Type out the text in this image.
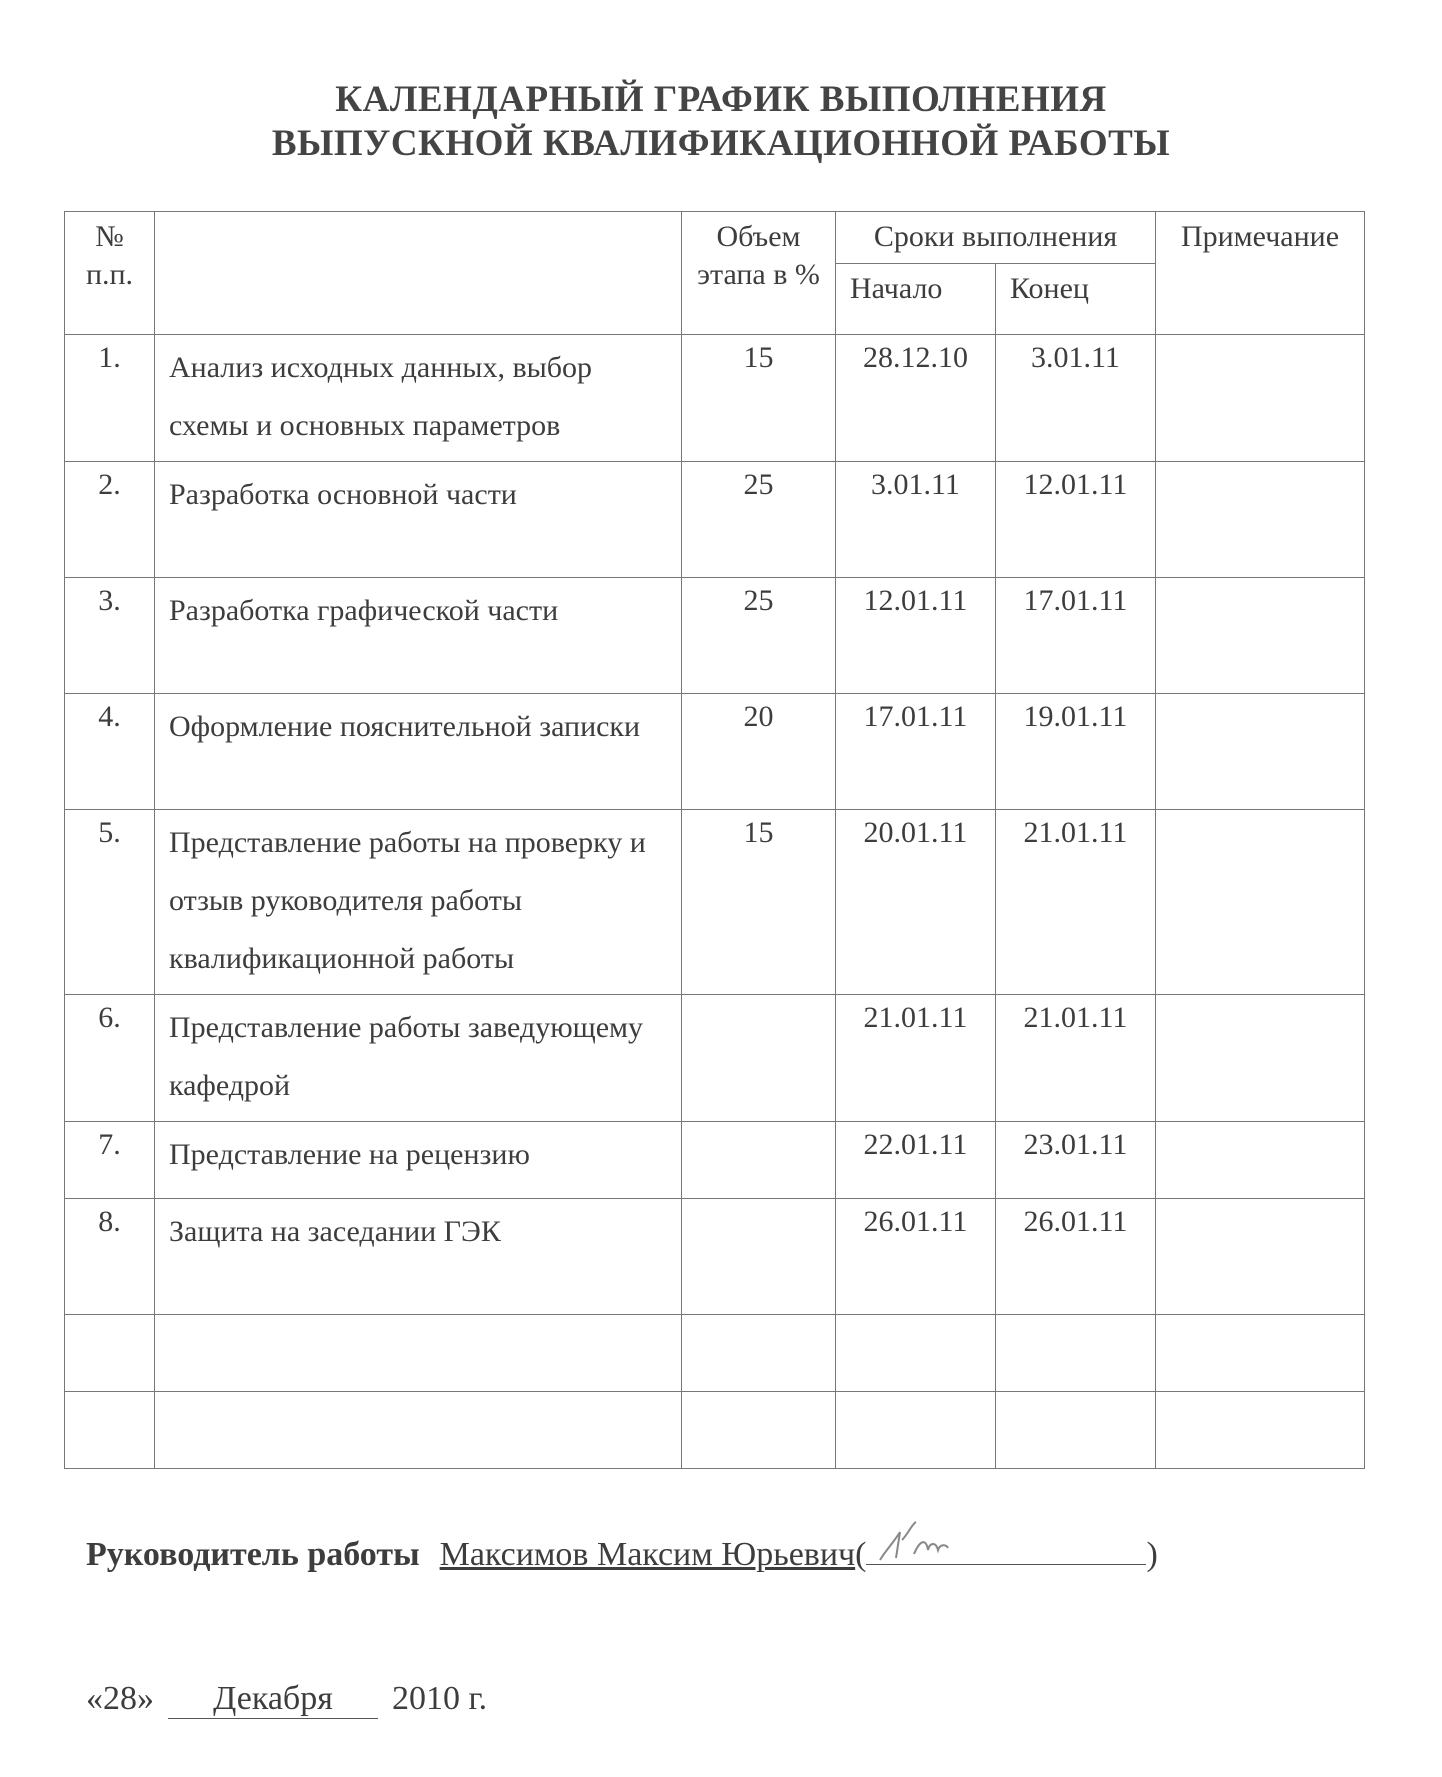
КАЛЕНДАРНЫЙ ГРАФИК ВЫПОЛНЕНИЯ
ВЫПУСКНОЙ КВАЛИФИКАЦИОННОЙ РАБОТЫ
№ п.п.		Объем этапа в %	Сроки выполнения		Примечание
			Начало	Конец	
1.	Анализ исходных данных, выбор схемы и основных параметров	15	28.12.10	3.01.11	
2.	Разработка основной части	25	3.01.11	12.01.11	
3.	Разработка графической части	25	12.01.11	17.01.11	
4.	Оформление пояснительной записки	20	17.01.11	19.01.11	
5.	Представление работы на проверку и отзыв руководителя работы квалификационной работы	15	20.01.11	21.01.11	
6.	Представление работы заведующему кафедрой		21.01.11	21.01.11	
7.	Представление на рецензию		22.01.11	23.01.11	
8.	Защита на заседании ГЭК		26.01.11	26.01.11	

Руководитель работы Максимов Максим Юрьевич(	)
«28» Декабря 2010 г.
